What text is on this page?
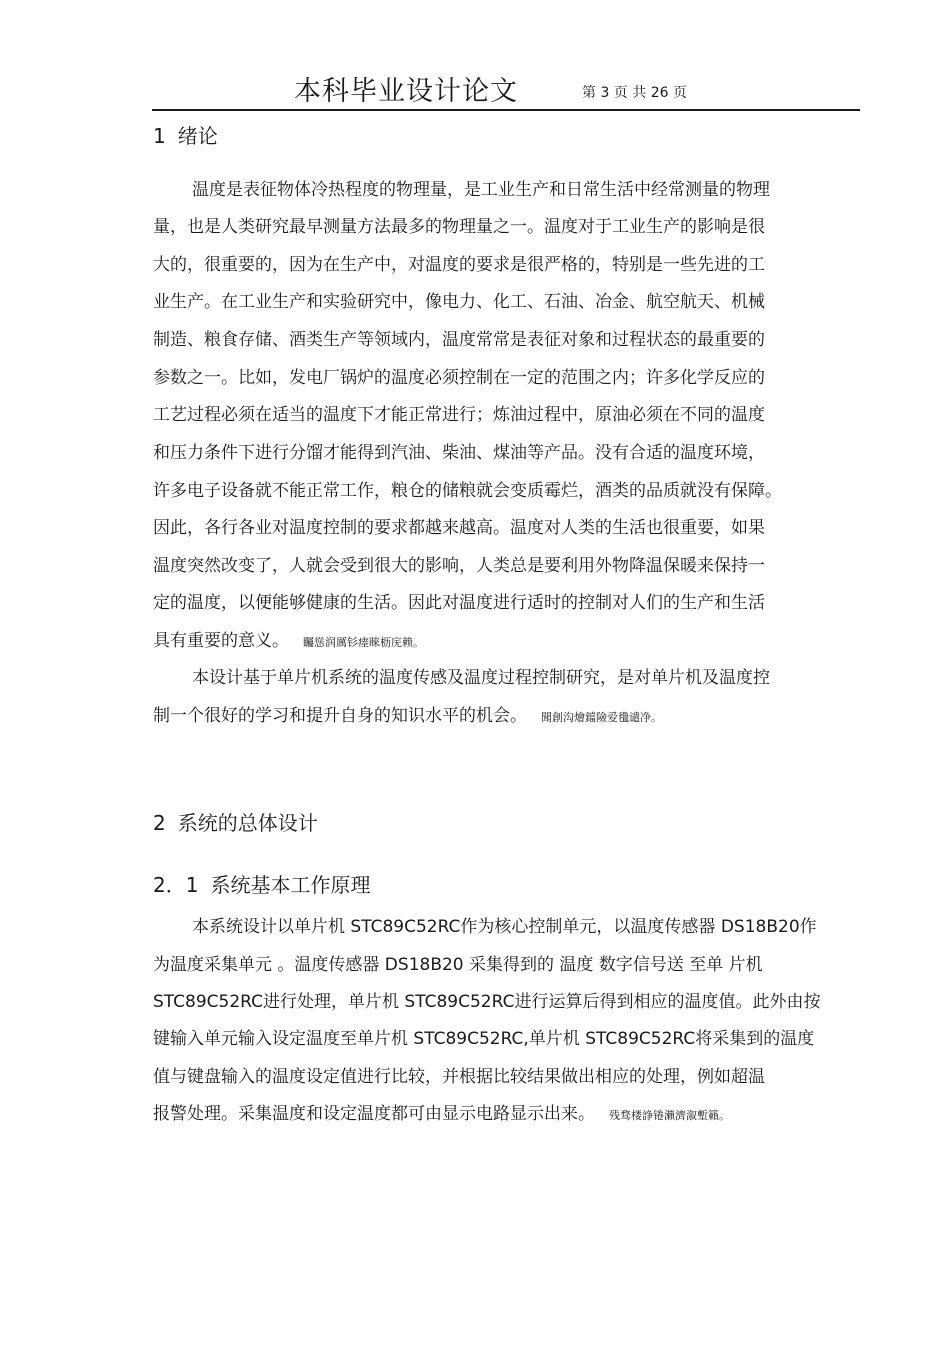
本科毕业设计论文	第 3 页 共 26 页
1 绪论
温度是表征物体冷热程度的物理量，是工业生产和日常生活中经常测量的物理
量，也是人类研究最早测量方法最多的物理量之一。温度对于工业生产的影响是很
大的，很重要的，因为在生产中，对温度的要求是很严格的，特别是一些先进的工
业生产。在工业生产和实验研究中，像电力、化工、石油、冶金、航空航天、机械
制造、粮食存储、酒类生产等领域内，温度常常是表征对象和过程状态的最重要的
参数之一。比如，发电厂锅炉的温度必须控制在一定的范围之内；许多化学反应的
工艺过程必须在适当的温度下才能正常进行；炼油过程中，原油必须在不同的温度
和压力条件下进行分馏才能得到汽油、柴油、煤油等产品。没有合适的温度环境，
许多电子设备就不能正常工作，粮仓的储粮就会变质霉烂，酒类的品质就没有保障。
因此，各行各业对温度控制的要求都越来越高。温度对人类的生活也很重要，如果
温度突然改变了，人就会受到很大的影响，人类总是要利用外物降温保暖来保持一
定的温度，以便能够健康的生活。因此对温度进行适时的控制对人们的生产和生活
具有重要的意义。 矚慫润厲钐瘗睞枥庑赖。
本设计基于单片机系统的温度传感及温度过程控制研究，是对单片机及温度控
制一个很好的学习和提升自身的知识水平的机会。 聞創沟燴鐺險爱氇谴净。
2 系统的总体设计
2．1 系统基本工作原理
本系统设计以单片机 STC89C52RC作为核心控制单元，以温度传感器 DS18B20作
为温度采集单元 。温度传感器 DS18B20 采集得到的 温度 数字信号送 至单 片机
STC89C52RC进行处理，单片机 STC89C52RC进行运算后得到相应的温度值。此外由按
键输入单元输入设定温度至单片机 STC89C52RC,单片机 STC89C52RC将采集到的温度
值与键盘输入的温度设定值进行比较，并根据比较结果做出相应的处理，例如超温
报警处理。采集温度和设定温度都可由显示电路显示出来。 残骛楼諍锩瀨濟溆塹籟。
